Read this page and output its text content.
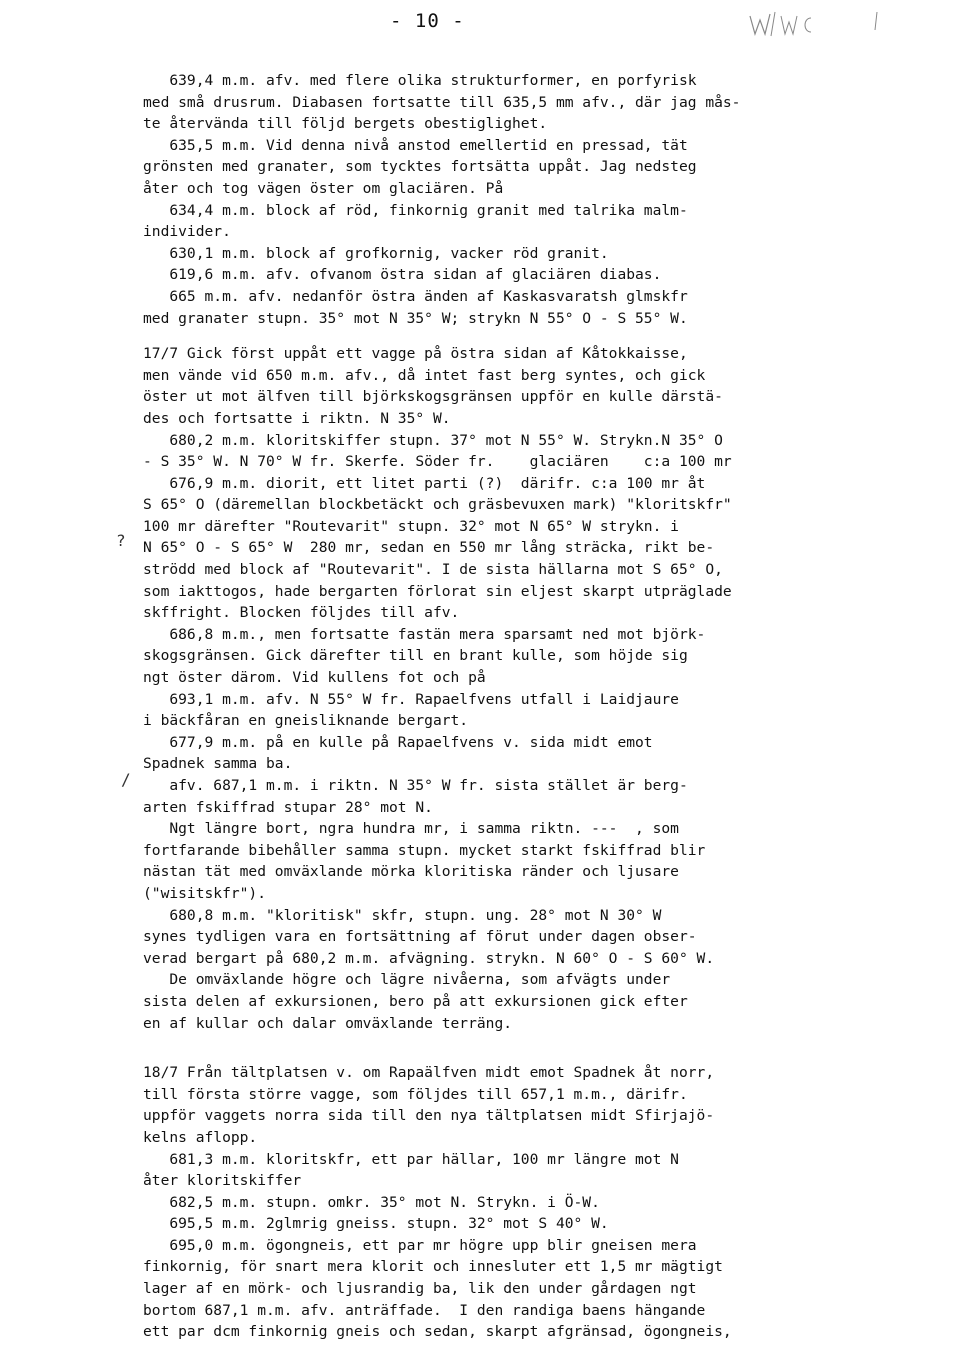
- 10 -
639,4 m.m. afv. med flere olika strukturformer, en porfyrisk
med små drusrum. Diabasen fortsatte till 635,5 mm afv., där jag mås-
te återvända till följd bergets obestiglighet.
635,5 m.m. Vid denna nivå anstod emellertid en pressad, tät
grönsten med granater, som tycktes fortsätta uppåt. Jag nedsteg
åter och tog vägen öster om glaciären. På
634,4 m.m. block af röd, finkornig granit med talrika malm-
individer.
630,1 m.m. block af grofkornig, vacker röd granit.
619,6 m.m. afv. ofvanom östra sidan af glaciären diabas.
665 m.m. afv. nedanför östra änden af Kaskasvaratsh glmskfr
med granater stupn. 35° mot N 35° W; strykn N 55° O - S 55° W.
17/7 Gick först uppåt ett vagge på östra sidan af Kåtokkaisse,
men vände vid 650 m.m. afv., då intet fast berg syntes, och gick
öster ut mot älfven till björkskogsgränsen uppför en kulle därstä-
des och fortsatte i riktn. N 35° W.
680,2 m.m. kloritskiffer stupn. 37° mot N 55° W. Strykn.N 35° O
- S 35° W. N 70° W fr. Skerfe. Söder fr.    glaciären    c:a 100 mr
676,9 m.m. diorit, ett litet parti (?)  därifr. c:a 100 mr åt
S 65° O (däremellan blockbetäckt och gräsbevuxen mark) "kloritskfr"
100 mr därefter "Routevarit" stupn. 32° mot N 65° W strykn. i
N 65° O - S 65° W  280 mr, sedan en 550 mr lång sträcka, rikt be-
strödd med block af "Routevarit". I de sista hällarna mot S 65° O,
som iakttogos, hade bergarten förlorat sin eljest skarpt utpräglade
skffright. Blocken följdes till afv.
686,8 m.m., men fortsatte fastän mera sparsamt ned mot björk-
skogsgränsen. Gick därefter till en brant kulle, som höjde sig
ngt öster därom. Vid kullens fot och på
693,1 m.m. afv. N 55° W fr. Rapaelfvens utfall i Laidjaure
i bäckfåran en gneisliknande bergart.
677,9 m.m. på en kulle på Rapaelfvens v. sida midt emot
Spadnek samma ba.
afv. 687,1 m.m. i riktn. N 35° W fr. sista stället är berg-
arten fskiffrad stupar 28° mot N.
Ngt längre bort, ngra hundra mr, i samma riktn. ---  , som
fortfarande bibehåller samma stupn. mycket starkt fskiffrad blir
nästan tät med omväxlande mörka kloritiska ränder och ljusare
("wisitskfr").
680,8 m.m. "kloritisk" skfr, stupn. ung. 28° mot N 30° W
synes tydligen vara en fortsättning af förut under dagen obser-
verad bergart på 680,2 m.m. afvägning. strykn. N 60° O - S 60° W.
De omväxlande högre och lägre nivåerna, som afvägts under
sista delen af exkursionen, bero på att exkursionen gick efter
en af kullar och dalar omväxlande terräng.
18/7 Från tältplatsen v. om Rapaälfven midt emot Spadnek åt norr,
till första större vagge, som följdes till 657,1 m.m., därifr.
uppför vaggets norra sida till den nya tältplatsen midt Sfirjajö-
kelns aflopp.
681,3 m.m. kloritskfr, ett par hällar, 100 mr längre mot N
åter kloritskiffer
682,5 m.m. stupn. omkr. 35° mot N. Strykn. i Ö-W.
695,5 m.m. 2glmrig gneiss. stupn. 32° mot S 40° W.
695,0 m.m. ögongneis, ett par mr högre upp blir gneisen mera
finkornig, för snart mera klorit och innesluter ett 1,5 mr mägtigt
lager af en mörk- och ljusrandig ba, lik den under gårdagen ngt
bortom 687,1 m.m. afv. anträffade.  I den randiga baens hängande
ett par dcm finkornig gneis och sedan, skarpt afgränsad, ögongneis,
?
/
